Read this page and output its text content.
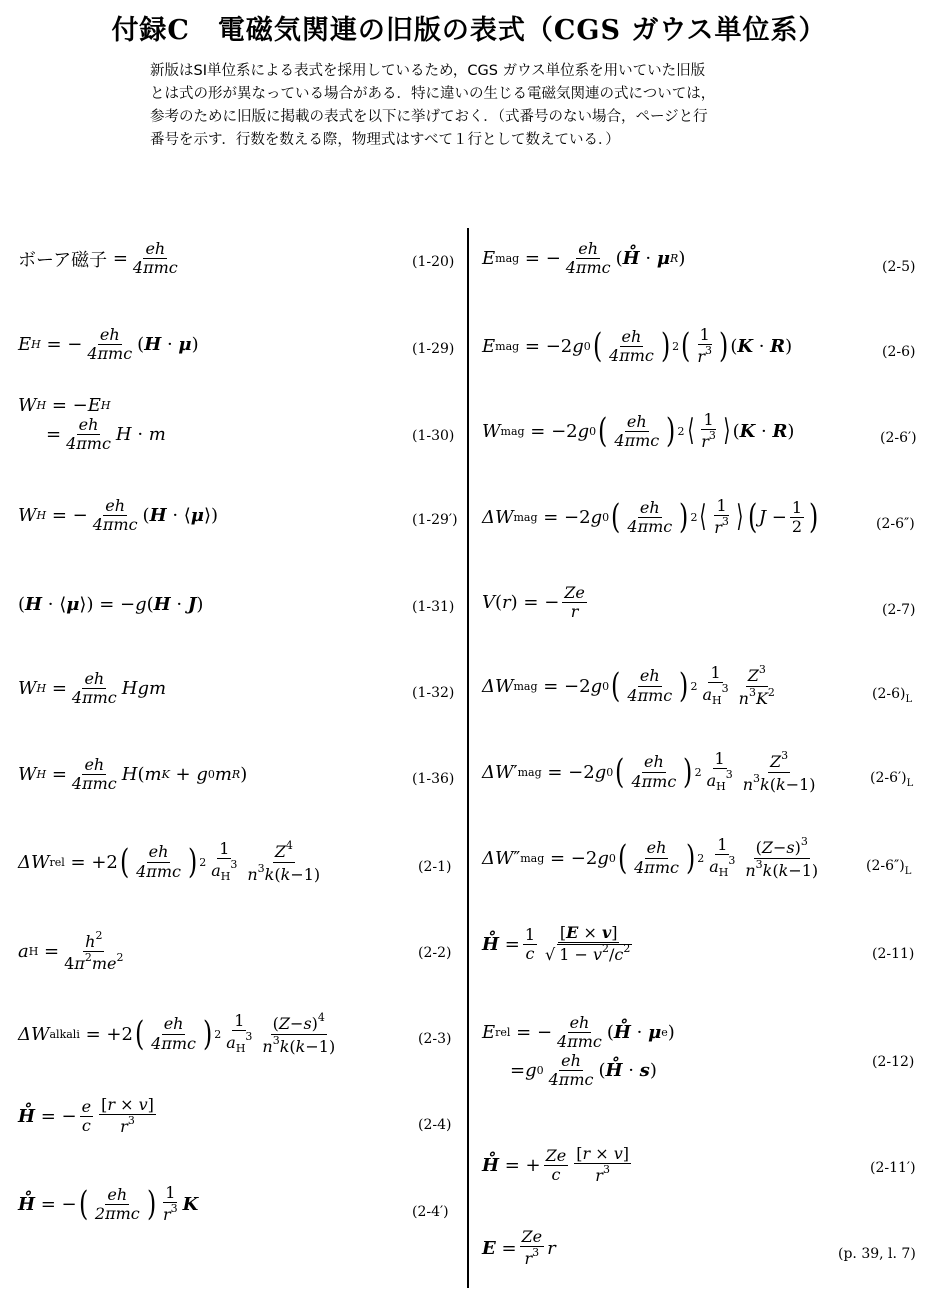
付録C　電磁気関連の旧版の表式（CGS ガウス単位系）
新版はSI単位系による表式を採用しているため，CGS ガウス単位系を用いていた旧版
とは式の形が異なっている場合がある．特に違いの生じる電磁気関連の式については，
参考のために旧版に掲載の表式を以下に挙げておく．（式番号のない場合，ページと行
番号を示す．行数を数える際，物理式はすべて１行として数えている．）
ボーア磁子 = $\frac{eh}{\text{4πmc}}$	(1-20)
E H = − $\frac{eh}{\text{4πmc}}$ ( H · μ )	(1-29)
W H = − E H
= $\frac{eh}{\text{4πmc}}$ H · m	(1-30)
W H = − $\frac{eh}{\text{4πmc}}$ ( H · ⟨ μ ⟩)	(1-29′)
( H · ⟨ μ ⟩) = − g ( H · J )	(1-31)
W $H = \frac{eh}{\text{4πmc}}$ Hgm	(1-32)
W $H = \frac{eh}{\text{4πmc}}$ H ( m K + g 0 m R )	(1-36)
ΔW rel = +2 ( $\frac{eh}{\text{4πmc}}$ ) $2 \frac{1}{a_H^3} \frac{Z^4}{n^3k(k-1)}$	(2-1)
a $H = \frac{h^2}{4\pi^2me^2}$	(2-2)
ΔW alkali = +2 ( $\frac{eh}{\text{4πmc}}$ ) $2 \frac{1}{a_H^3} \frac{(Z-s)^4}{n^3k(k-1)}$	(2-3)
H̊ = − $\frac{e}{c} \frac{[r \times v]}{r^3}$	(2-4)
H̊ = − ( $\frac{eh}{\text{2πmc}}$ ) $\frac{1}{r^3}$ K	(2-4′)
E mag = − $\frac{eh}{\text{4πmc}}$ ( H̊ · μ R )	(2-5)
E mag = −2 g 0 ( $\frac{eh}{\text{4πmc}}$ ) 2 ( $\frac{1}{r^3}$ ) ( K · R )	(2-6)
W mag = −2 g 0 ( $\frac{eh}{\text{4πmc}}$ ) 2 ⟨ $\frac{1}{r^3}$ ⟩ ( K · R )	(2-6′)
ΔW mag = −2 g 0 ( $\frac{eh}{\text{4πmc}}$ ) 2 ⟨ $\frac{1}{r^3}$ ⟩ ( $J - \frac{1}{2}$ )	(2-6″)
V ( r ) = − $\frac{Ze}{r}$	(2-7)
ΔW mag = −2 g 0 ( $\frac{eh}{\text{4πmc}}$ ) $2 \frac{1}{a_H^3} \frac{Z^3}{n^3K^2}$	$(2-6)_L$
ΔW ′ mag = −2 g 0 ( $\frac{eh}{\text{4πmc}}$ ) $2 \frac{1}{a_H^3} \frac{Z^3}{n^3k(k-1)}$	$(2-6')_L$
ΔW ″ mag = −2 g 0 ( $\frac{eh}{\text{4πmc}}$ ) $2 \frac{1}{a_H^3} \frac{(Z-s)^3}{n^3k(k-1)}$	$(2-6'')_L$
H̊ = $\frac{1}{c} \frac{[E \times v]}{√ 1 - v^2/c^2}$	(2-11)
E rel = − $\frac{eh}{\text{4πmc}}$ ( H̊ · μ e )
= g $0 \frac{eh}{\text{4πmc}}$ ( H̊ · s )	(2-12)
H̊ = + $\frac{Ze}{c} \frac{[r \times v]}{r^3}$	(2-11′)
$E = \frac{Ze}{r^3}$ r	(p. 39, l. 7)
